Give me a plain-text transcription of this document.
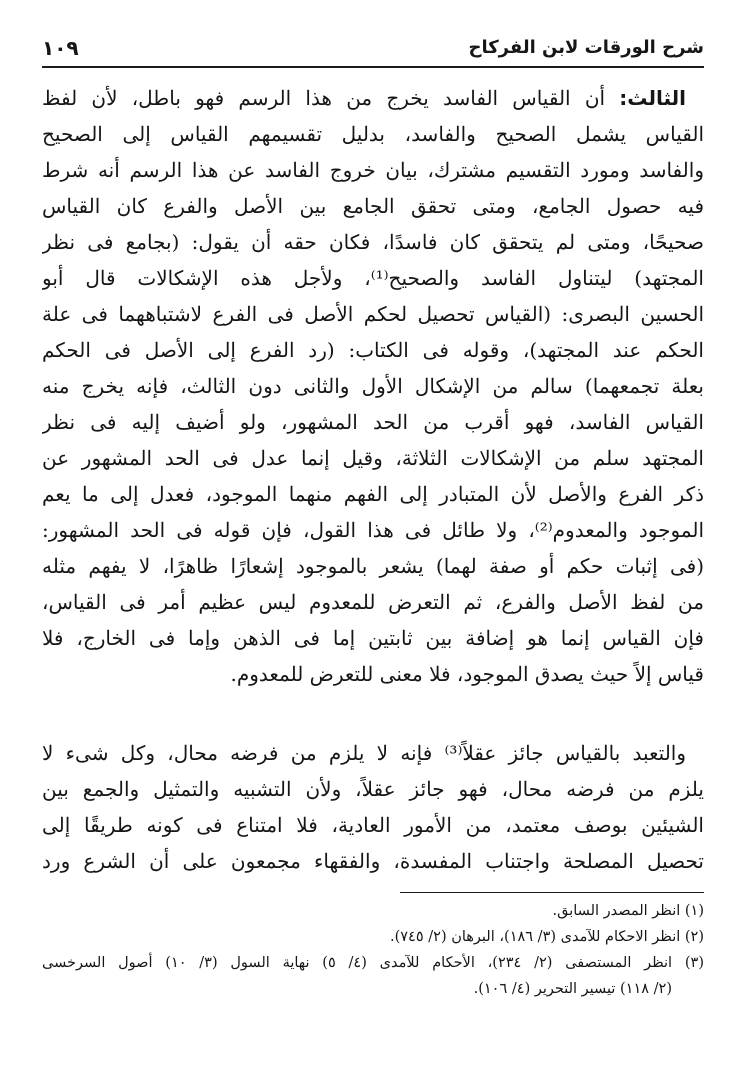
شرح الورقات لابن الفركاح
١٠٩
الثالث: أن القياس الفاسد يخرج من هذا الرسم فهو باطل، لأن لفظ
القياس يشمل الصحيح والفاسد، بدليل تقسيمهم القياس إلى الصحيح
والفاسد ومورد التقسيم مشترك، بيان خروج الفاسد عن هذا الرسم أنه شرط
فيه حصول الجامع، ومتى تحقق الجامع بين الأصل والفرع كان القياس
صحيحًا، ومتى لم يتحقق كان فاسدًا، فكان حقه أن يقول: (بجامع فى نظر
المجتهد) ليتناول الفاسد والصحيح⁽¹⁾، ولأجل هذه الإشكالات قال أبو
الحسين البصرى: (القياس تحصيل لحكم الأصل فى الفرع لاشتباههما فى علة
الحكم عند المجتهد)، وقوله فى الكتاب: (رد الفرع إلى الأصل فى الحكم
بعلة تجمعهما) سالم من الإشكال الأول والثانى دون الثالث، فإنه يخرج منه
القياس الفاسد، فهو أقرب من الحد المشهور، ولو أضيف إليه فى نظر
المجتهد سلم من الإشكالات الثلاثة، وقيل إنما عدل فى الحد المشهور عن
ذكر الفرع والأصل لأن المتبادر إلى الفهم منهما الموجود، فعدل إلى ما يعم
الموجود والمعدوم⁽²⁾، ولا طائل فى هذا القول، فإن قوله فى الحد المشهور:
(فى إثبات حكم أو صفة لهما) يشعر بالموجود إشعارًا ظاهرًا، لا يفهم مثله
من لفظ الأصل والفرع، ثم التعرض للمعدوم ليس عظيم أمر فى القياس،
فإن القياس إنما هو إضافة بين ثابتين إما فى الذهن وإما فى الخارج، فلا
قياس إلاً حيث يصدق الموجود، فلا معنى للتعرض للمعدوم.
والتعبد بالقياس جائز عقلاً⁽³⁾ فإنه لا يلزم من فرضه محال، وكل شىء لا
يلزم من فرضه محال، فهو جائز عقلاً، ولأن التشبيه والتمثيل والجمع بين
الشيئين بوصف معتمد، من الأمور العادية، فلا امتناع فى كونه طريقًا إلى
تحصيل المصلحة واجتناب المفسدة، والفقهاء مجمعون على أن الشرع ورد
(١) انظر المصدر السابق.
(٢) انظر الاحكام للآمدى (٣/ ١٨٦)، البرهان (٢/ ٧٤٥).
(٣) انظر المستصفى (٢/ ٢٣٤)، الأحكام للآمدى (٤/ ٥) نهاية السول (٣/ ١٠) أصول السرخسى
(٢/ ١١٨) تيسير التحرير (٤/ ١٠٦).
